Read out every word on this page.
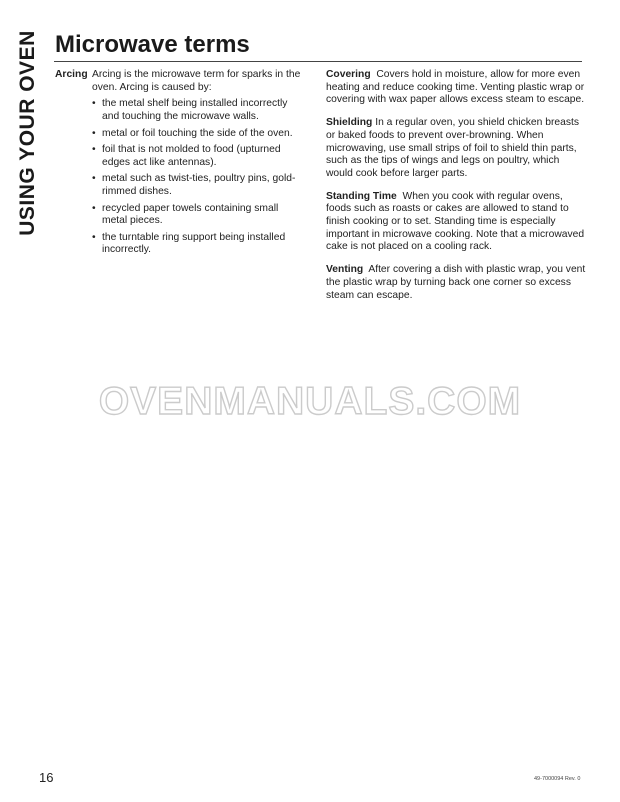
USING YOUR OVEN Microwave terms
Arcing Arcing is the microwave term for sparks in the oven. Arcing is caused by:
• the metal shelf being installed incorrectly and touching the microwave walls.
• metal or foil touching the side of the oven.
• foil that is not molded to food (upturned edges act like antennas).
• metal such as twist-ties, poultry pins, gold-rimmed dishes.
• recycled paper towels containing small metal pieces.
• the turntable ring support being installed incorrectly.

Covering Covers hold in moisture, allow for more even heating and reduce cooking time. Venting plastic wrap or covering with wax paper allows excess steam to escape.

Shielding In a regular oven, you shield chicken breasts or baked foods to prevent over-browning. When microwaving, use small strips of foil to shield thin parts, such as the tips of wings and legs on poultry, which would cook before larger parts.

Standing Time When you cook with regular ovens, foods such as roasts or cakes are allowed to stand to finish cooking or to set. Standing time is especially important in microwave cooking. Note that a microwaved cake is not placed on a cooling rack.

Venting After covering a dish with plastic wrap, you vent the plastic wrap by turning back one corner so excess steam can escape.

OVENMANUALS.COM
16	49-7000094 Rev. 0
